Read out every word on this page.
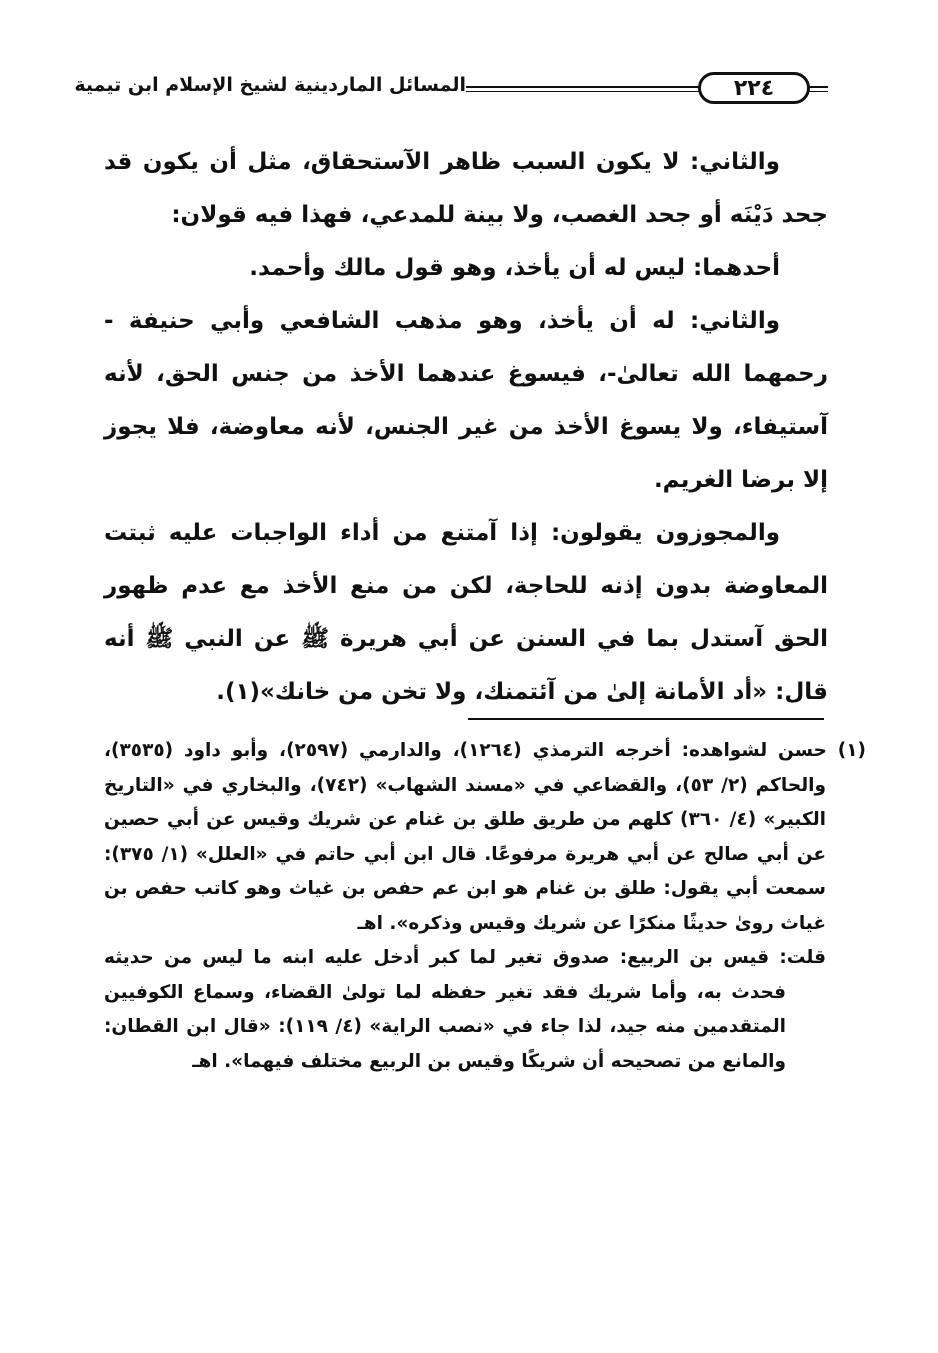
المسائل الماردينية لشيخ الإسلام ابن تيمية	٢٢٤

والثاني: لا يكون السبب ظاهر الآستحقاق، مثل أن يكون قد جحد دَيْنَه أو جحد الغصب، ولا بينة للمدعي، فهذا فيه قولان:

أحدهما: ليس له أن يأخذ، وهو قول مالك وأحمد.

والثاني: له أن يأخذ، وهو مذهب الشافعي وأبي حنيفة - رحمهما الله تعالىٰ-، فيسوغ عندهما الأخذ من جنس الحق، لأنه آستيفاء، ولا يسوغ الأخذ من غير الجنس، لأنه معاوضة، فلا يجوز إلا برضا الغريم.

والمجوزون يقولون: إذا آمتنع من أداء الواجبات عليه ثبتت المعاوضة بدون إذنه للحاجة، لكن من منع الأخذ مع عدم ظهور الحق آستدل بما في السنن عن أبي هريرة ﷺ عن النبي ﷺ أنه قال: «أد الأمانة إلىٰ من آئتمنك، ولا تخن من خانك»(١).

(١) حسن لشواهده: أخرجه الترمذي (١٢٦٤)، والدارمي (٢٥٩٧)، وأبو داود (٣٥٣٥)، والحاكم (٢/ ٥٣)، والقضاعي في «مسند الشهاب» (٧٤٢)، والبخاري في «التاريخ الكبير» (٤/ ٣٦٠) كلهم من طريق طلق بن غنام عن شريك وقيس عن أبي حصين عن أبي صالح عن أبي هريرة مرفوعًا. قال ابن أبي حاتم في «العلل» (١/ ٣٧٥): سمعت أبي يقول: طلق بن غنام هو ابن عم حفص بن غياث وهو كاتب حفص بن غياث روىٰ حديثًا منكرًا عن شريك وقيس وذكره». اهـ

قلت: قيس بن الربيع: صدوق تغير لما كبر أدخل عليه ابنه ما ليس من حديثه فحدث به، وأما شريك فقد تغير حفظه لما تولىٰ القضاء، وسماع الكوفيين المتقدمين منه جيد، لذا جاء في «نصب الراية» (٤/ ١١٩): «قال ابن القطان: والمانع من تصحيحه أن شريكًا وقيس بن الربيع مختلف فيهما». اهـ
